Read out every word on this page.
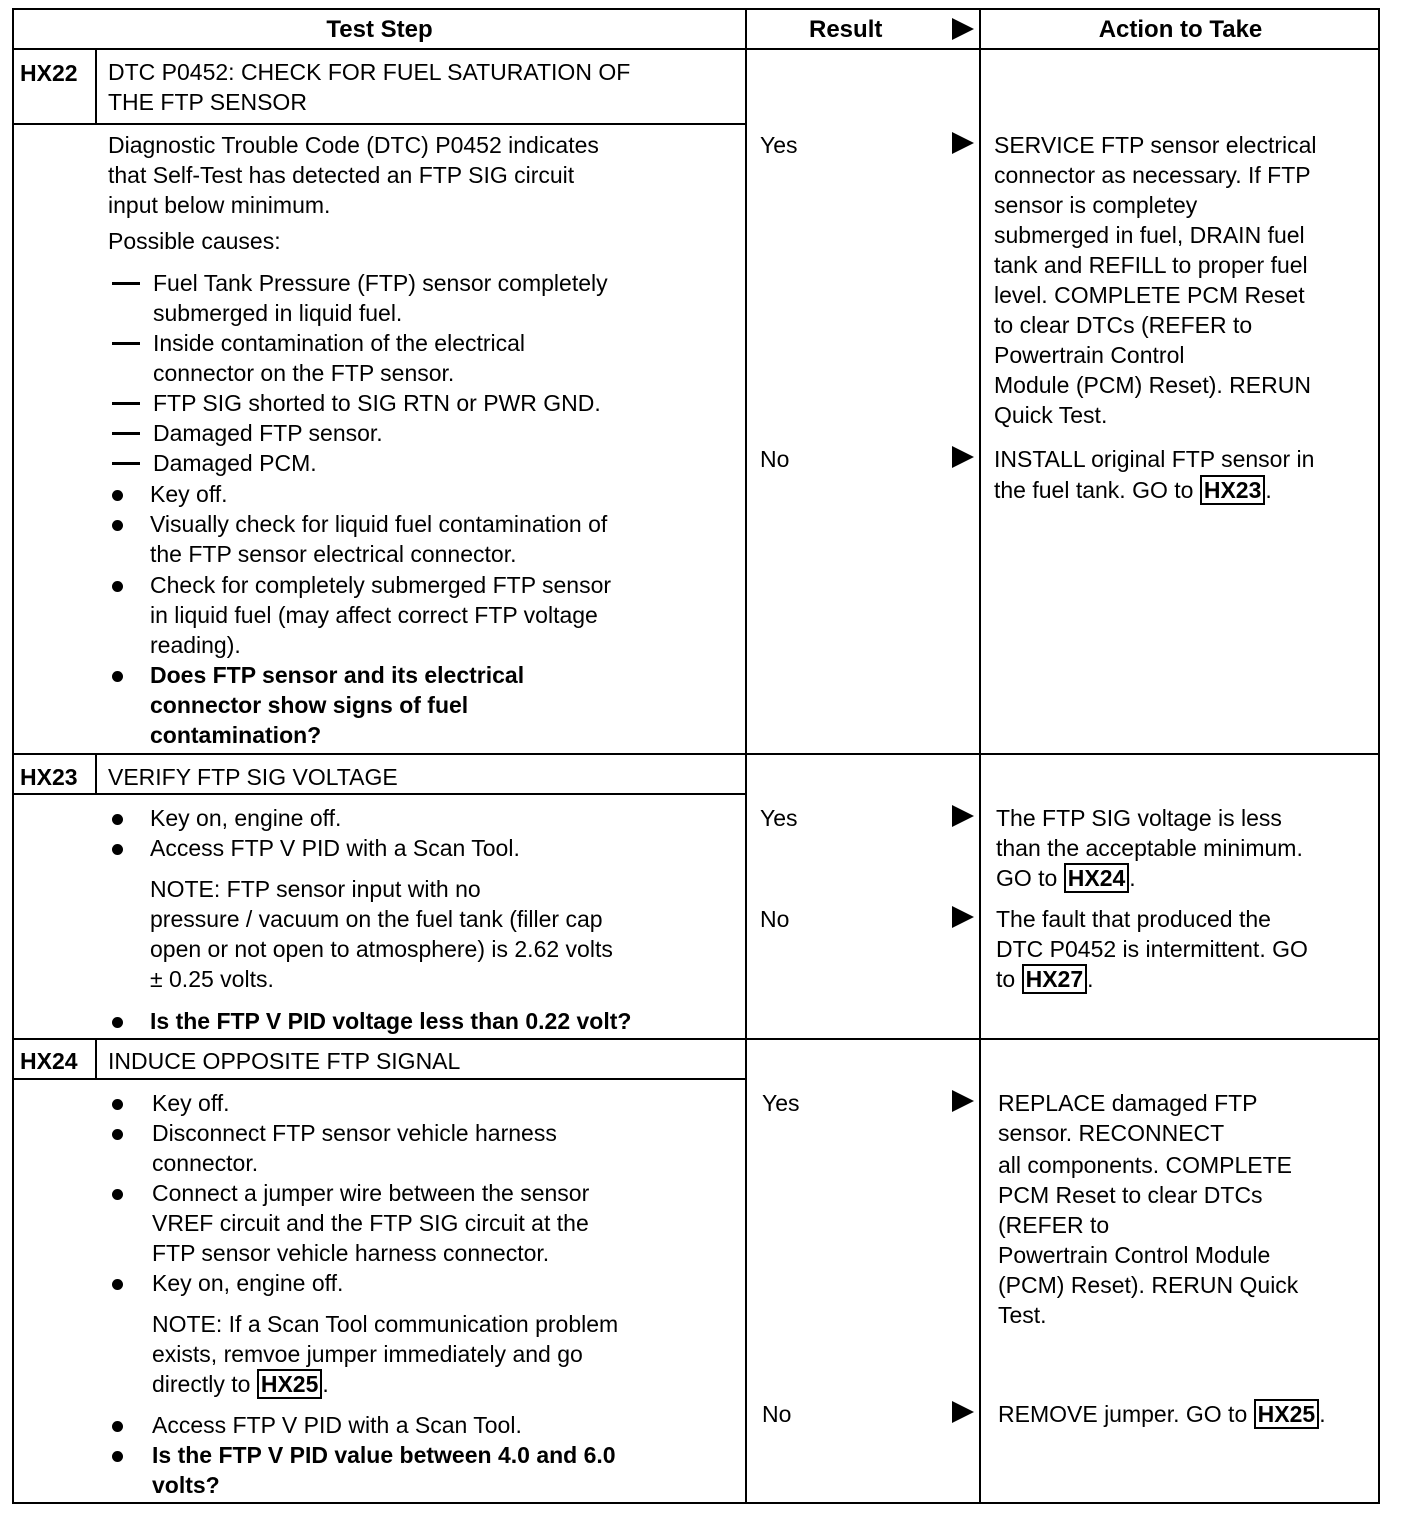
Test Step	Result	Action to Take
HX22 DTC P0452: CHECK FOR FUEL SATURATION OF
THE FTP SENSOR
Diagnostic Trouble Code (DTC) P0452 indicates
that Self-Test has detected an FTP SIG circuit
input below minimum.
Possible causes:
Fuel Tank Pressure (FTP) sensor completely
submerged in liquid fuel.
Inside contamination of the electrical
connector on the FTP sensor.
FTP SIG shorted to SIG RTN or PWR GND.
Damaged FTP sensor.
Damaged PCM.
Key off.
Visually check for liquid fuel contamination of
the FTP sensor electrical connector.
Check for completely submerged FTP sensor
in liquid fuel (may affect correct FTP voltage
reading).
Does FTP sensor and its electrical
connector show signs of fuel
contamination?
Yes	SERVICE FTP sensor electrical
connector as necessary. If FTP
sensor is completey
submerged in fuel, DRAIN fuel
tank and REFILL to proper fuel
level. COMPLETE PCM Reset
to clear DTCs (REFER to
Powertrain Control
Module (PCM) Reset). RERUN
Quick Test.
No	INSTALL original FTP sensor in
the fuel tank. GO to HX23 .
HX23 VERIFY FTP SIG VOLTAGE
Key on, engine off.
Access FTP V PID with a Scan Tool.
NOTE: FTP sensor input with no
pressure / vacuum on the fuel tank (filler cap
open or not open to atmosphere) is 2.62 volts
± 0.25 volts.
Is the FTP V PID voltage less than 0.22 volt?
Yes	The FTP SIG voltage is less
than the acceptable minimum.
GO to HX24 .
No	The fault that produced the
DTC P0452 is intermittent. GO
to HX27 .
HX24 INDUCE OPPOSITE FTP SIGNAL
Key off.
Disconnect FTP sensor vehicle harness
connector.
Connect a jumper wire between the sensor
VREF circuit and the FTP SIG circuit at the
FTP sensor vehicle harness connector.
Key on, engine off.
NOTE: If a Scan Tool communication problem
exists, remvoe jumper immediately and go
directly to HX25 .
Access FTP V PID with a Scan Tool.
Is the FTP V PID value between 4.0 and 6.0
volts?
Yes	REPLACE damaged FTP
sensor. RECONNECT
all components. COMPLETE
PCM Reset to clear DTCs
(REFER to
Powertrain Control Module
(PCM) Reset). RERUN Quick
Test.
No	REMOVE jumper. GO to HX25 .
